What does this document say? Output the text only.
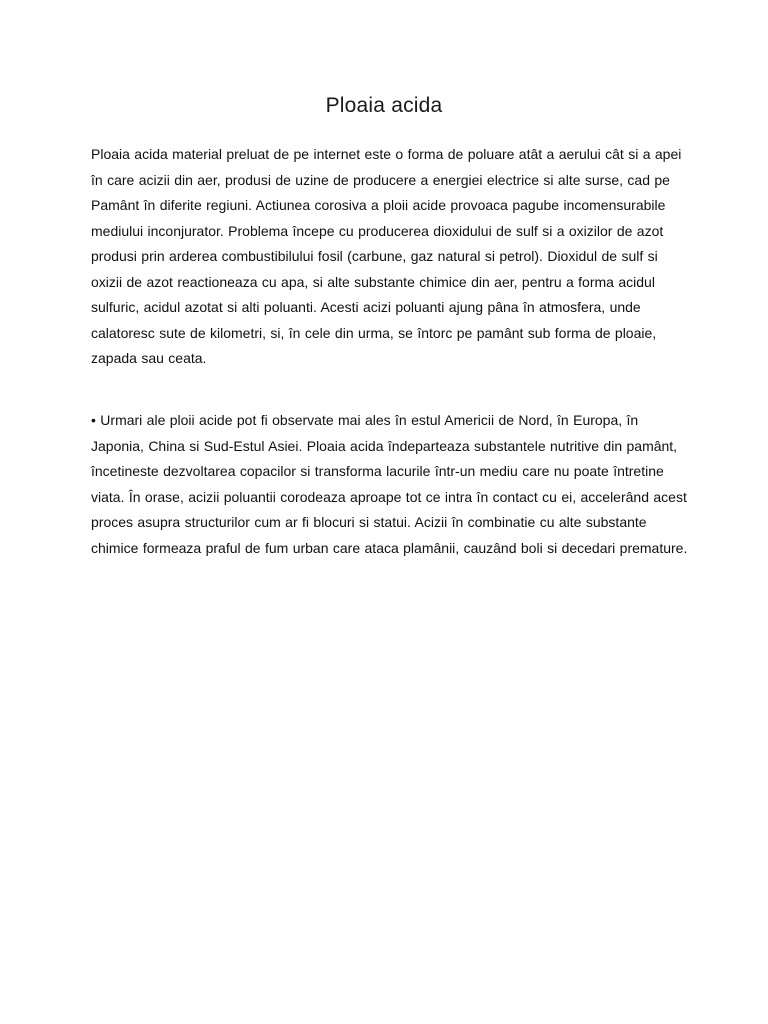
Ploaia acida

Ploaia acida material preluat de pe internet este o forma de poluare atât a aerului cât si a apei în care acizii din aer, produsi de uzine de producere a energiei electrice si alte surse, cad pe Pamânt în diferite regiuni. Actiunea corosiva a ploii acide provoaca pagube incomensurabile mediului inconjurator. Problema începe cu producerea dioxidului de sulf si a oxizilor de azot produsi prin arderea combustibilului fosil (carbune, gaz natural si petrol). Dioxidul de sulf si oxizii de azot reactioneaza cu apa, si alte substante chimice din aer, pentru a forma acidul sulfuric, acidul azotat si alti poluanti. Acesti acizi poluanti ajung pâna în atmosfera, unde calatoresc sute de kilometri, si, în cele din urma, se întorc pe pamânt sub forma de ploaie, zapada sau ceata.

• Urmari ale ploii acide pot fi observate mai ales în estul Americii de Nord, în Europa, în Japonia, China si Sud-Estul Asiei. Ploaia acida îndeparteaza substantele nutritive din pamânt, încetineste dezvoltarea copacilor si transforma lacurile într-un mediu care nu poate întretine viata. În orase, acizii poluantii corodeaza aproape tot ce intra în contact cu ei, accelerând acest proces asupra structurilor cum ar fi blocuri si statui. Acizii în combinatie cu alte substante chimice formeaza praful de fum urban care ataca plamânii, cauzând boli si decedari premature.
